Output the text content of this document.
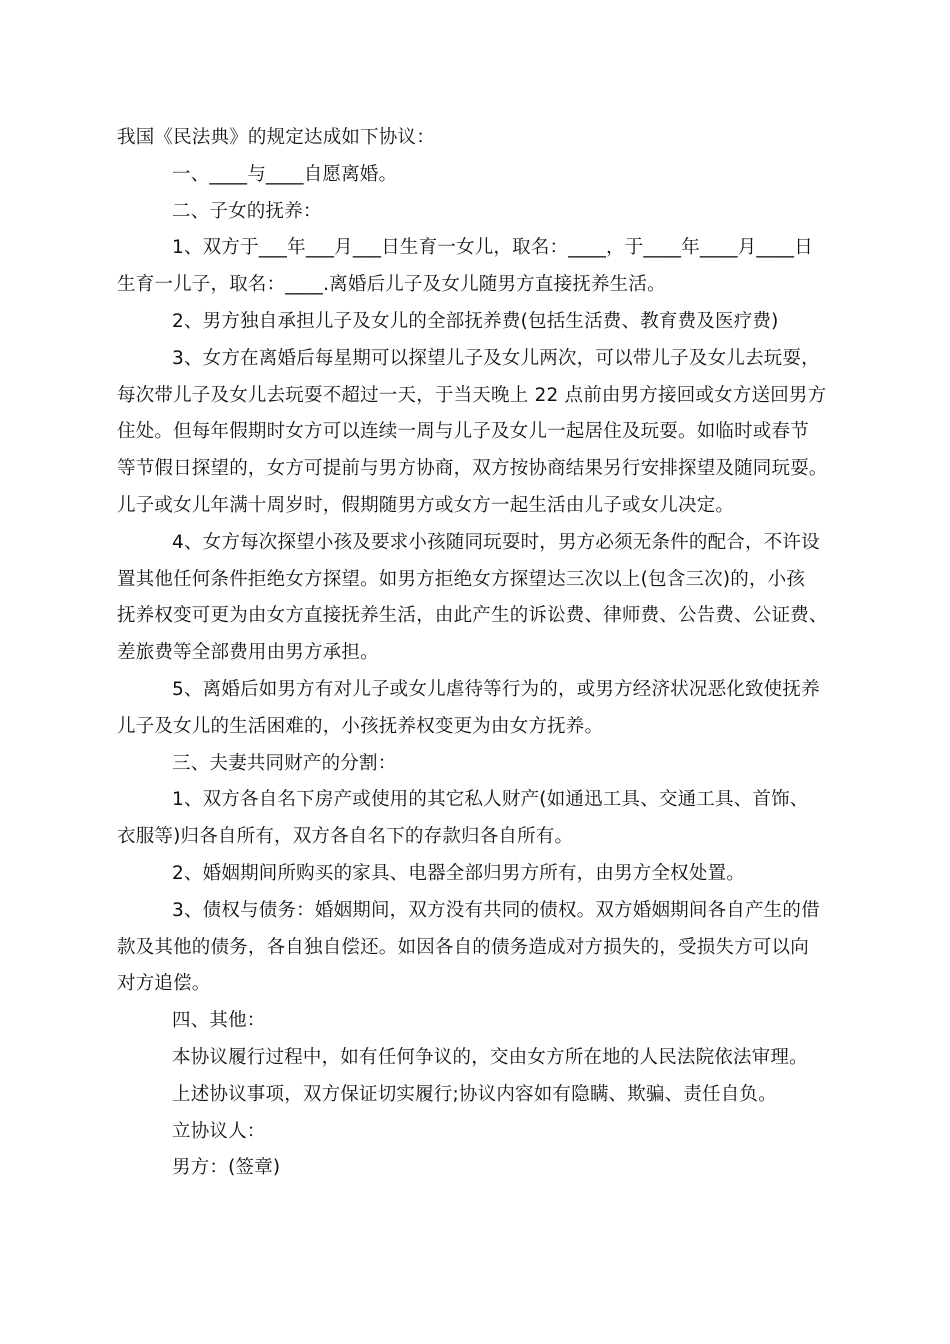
我国《民法典》的规定达成如下协议：
一、____与____自愿离婚。
二、子女的抚养：
1、双方于___年___月___日生育一女儿，取名：____，于____年____月____日
生育一儿子，取名：____.离婚后儿子及女儿随男方直接抚养生活。
2、男方独自承担儿子及女儿的全部抚养费(包括生活费、教育费及医疗费)
3、女方在离婚后每星期可以探望儿子及女儿两次，可以带儿子及女儿去玩耍，
每次带儿子及女儿去玩耍不超过一天，于当天晚上 22 点前由男方接回或女方送回男方
住处。但每年假期时女方可以连续一周与儿子及女儿一起居住及玩耍。如临时或春节
等节假日探望的，女方可提前与男方协商，双方按协商结果另行安排探望及随同玩耍。
儿子或女儿年满十周岁时，假期随男方或女方一起生活由儿子或女儿决定。
4、女方每次探望小孩及要求小孩随同玩耍时，男方必须无条件的配合，不许设
置其他任何条件拒绝女方探望。如男方拒绝女方探望达三次以上(包含三次)的，小孩
抚养权变可更为由女方直接抚养生活，由此产生的诉讼费、律师费、公告费、公证费、
差旅费等全部费用由男方承担。
5、离婚后如男方有对儿子或女儿虐待等行为的，或男方经济状况恶化致使抚养
儿子及女儿的生活困难的，小孩抚养权变更为由女方抚养。
三、夫妻共同财产的分割：
1、双方各自名下房产或使用的其它私人财产(如通迅工具、交通工具、首饰、
衣服等)归各自所有，双方各自名下的存款归各自所有。
2、婚姻期间所购买的家具、电器全部归男方所有，由男方全权处置。
3、债权与债务：婚姻期间，双方没有共同的债权。双方婚姻期间各自产生的借
款及其他的债务，各自独自偿还。如因各自的债务造成对方损失的，受损失方可以向
对方追偿。
四、其他：
本协议履行过程中，如有任何争议的，交由女方所在地的人民法院依法审理。
上述协议事项，双方保证切实履行;协议内容如有隐瞒、欺骗、责任自负。
立协议人：
男方：(签章)
